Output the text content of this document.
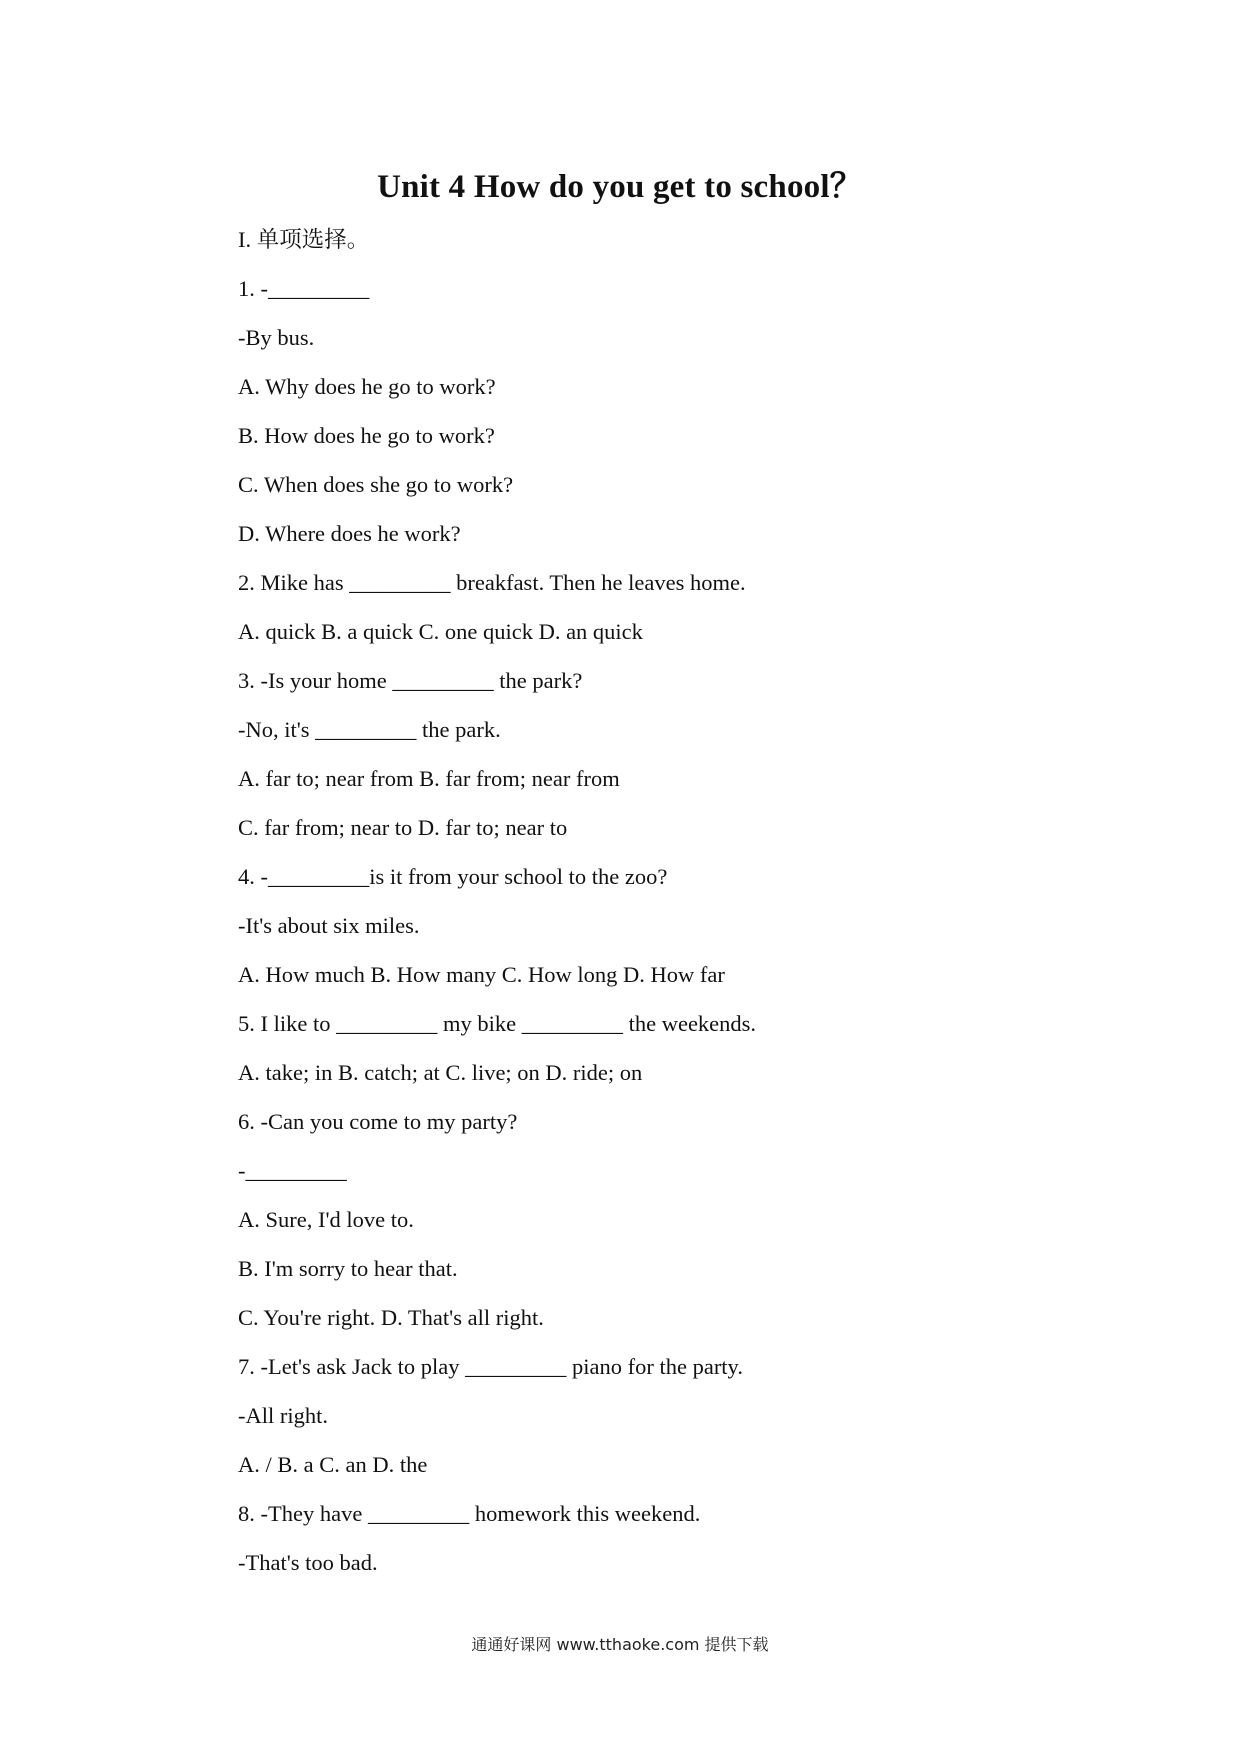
Unit 4 How do you get to school？
I. 单项选择。
1. -_________
-By bus.
A. Why does he go to work?
B. How does he go to work?
C. When does she go to work?
D. Where does he work?
2. Mike has _________ breakfast. Then he leaves home.
A. quick B. a quick C. one quick D. an quick
3. -Is your home _________ the park?
-No, it's _________ the park.
A. far to; near from B. far from; near from
C. far from; near to D. far to; near to
4. -_________is it from your school to the zoo?
-It's about six miles.
A. How much B. How many C. How long D. How far
5. I like to _________ my bike _________ the weekends.
A. take; in B. catch; at C. live; on D. ride; on
6. -Can you come to my party?
-_________
A. Sure, I'd love to.
B. I'm sorry to hear that.
C. You're right. D. That's all right.
7. -Let's ask Jack to play _________ piano for the party.
-All right.
A. / B. a C. an D. the
8. -They have _________ homework this weekend.
-That's too bad.
通通好课网 www.tthaoke.com 提供下载
